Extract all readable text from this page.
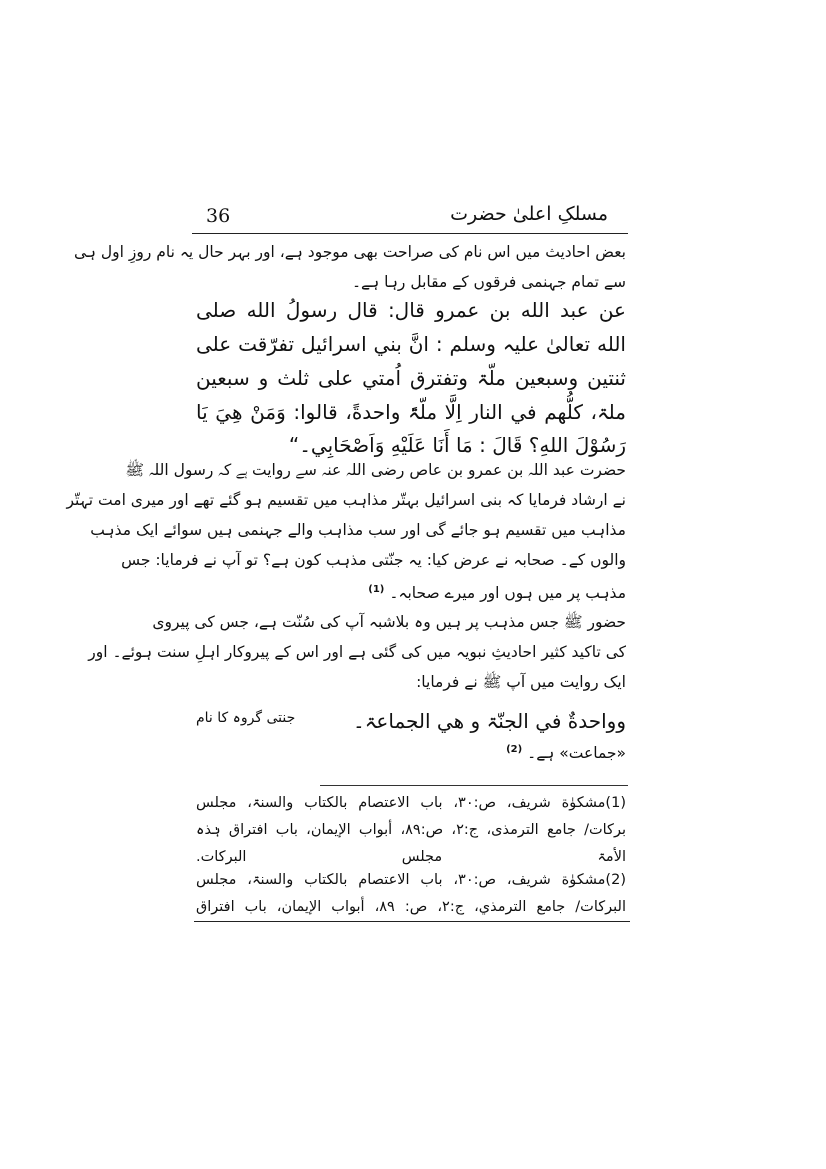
مسلکِ اعلیٰ حضرت
36
بعض احادیث میں اس نام کی صراحت بھی موجود ہے، اور بہر حال یہ نام روزِ اول ہی
سے تمام جہنمی فرقوں کے مقابل رہا ہے۔
عن عبد الله بن عمرو قال: قال رسولُ الله صلى
الله تعالىٰ عليہ وسلم : انَّ بني اسرائيل تفرّقت على
ثنتين وسبعين ملّۃ وتفترق اُمتي على ثلث و سبعين
ملۃ، كلُّهم في النار اِلَّا ملّۃً واحدةً، قالوا: وَمَنْ هِيَ يَا
رَسُوْلَ اللهِ؟ قَالَ : مَا أَنَا عَلَيْهِ وَاَصْحَابِي۔“
حضرت عبد اللہ بن عمرو بن عاص رضی اللہ عنہ سے روایت ہے کہ رسول اللہ ﷺ
نے ارشاد فرمایا کہ بنی اسرائیل بہتّر مذاہب میں تقسیم ہو گئے تھے اور میری امت تہتّر
مذاہب میں تقسیم ہو جائے گی اور سب مذاہب والے جہنمی ہیں سوائے ایک مذہب
والوں کے۔ صحابہ نے عرض کیا: یہ جنّتی مذہب کون ہے؟ تو آپ نے فرمایا: جس
مذہب پر میں ہوں اور میرے صحابہ۔ $^{(1)}$
حضور ﷺ جس مذہب پر ہیں وہ بلاشبہ آپ کی سُنّت ہے، جس کی پیروی
کی تاکید کثیر احادیثِ نبویہ میں کی گئی ہے اور اس کے پیروکار اہلِ سنت ہوئے۔ اور
ایک روایت میں آپ ﷺ نے فرمایا:
وواحدةٌ في الجنّۃ و هي الجماعۃ۔
جنتی گروہ کا نام
«جماعت» ہے۔ $^{(2)}$
(1)مشكوٰة شريف، ص:٣٠، باب الاعتصام بالكتاب والسنۃ، مجلس
بركات/ جامع الترمذى، ج:٢، ص:٨٩، أبواب الإيمان، باب افتراق ہٰذہ
الأمۃ مجلس البركات.
(2)مشكوٰة شريف، ص:٣٠، باب الاعتصام بالكتاب والسنۃ، مجلس
البركات/ جامع الترمذي، ج:٢، ص: ٨٩، أبواب الإيمان، باب افتراق
